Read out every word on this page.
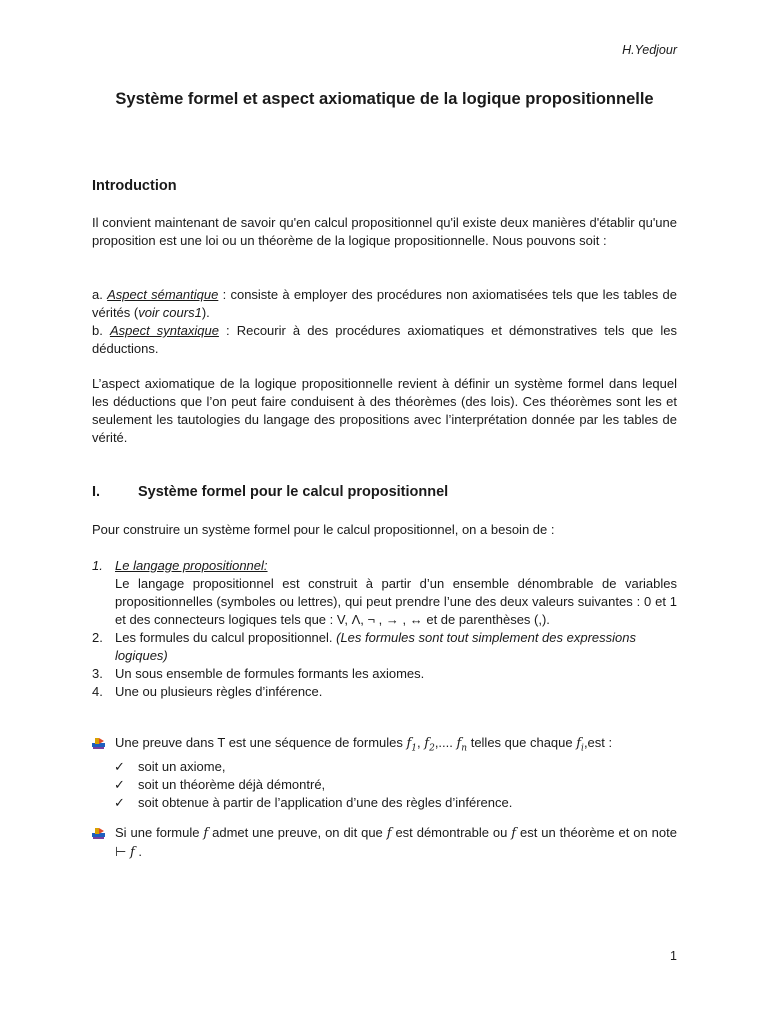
H.Yedjour
Système formel et aspect axiomatique de la logique propositionnelle
Introduction
Il convient maintenant de savoir qu'en calcul propositionnel qu'il existe deux manières d'établir qu'une proposition est une loi ou un théorème de la logique propositionnelle. Nous pouvons soit :
a. Aspect sémantique : consiste à employer des procédures non axiomatisées tels que les tables de vérités (voir cours1).
b. Aspect syntaxique : Recourir à des procédures axiomatiques et démonstratives tels que les déductions.
L’aspect axiomatique de la logique propositionnelle revient à définir un système formel dans lequel les déductions que l’on peut faire conduisent à des théorèmes (des lois). Ces théorèmes sont les et seulement les tautologies du langage des propositions avec l’interprétation donnée par les tables de vérité.
I.	Système formel pour le calcul propositionnel
Pour construire un système formel pour le calcul propositionnel, on a besoin de :
1. Le langage propositionnel:
Le langage propositionnel est construit à partir d’un ensemble dénombrable de variables propositionnelles (symboles ou lettres), qui peut prendre l’une des deux valeurs suivantes : 0 et 1 et des connecteurs logiques tels que : V, Λ, ¬ , → , ↔ et de parenthèses (,).
2. Les formules du calcul propositionnel. (Les formules sont tout simplement des expressions logiques)
3. Un sous ensemble de formules formants les axiomes.
4. Une ou plusieurs règles d’inférence.
Une preuve dans T est une séquence de formules $f_1$, $f_2$,.... $f_n$ telles que chaque $f_i,est$ :
✓ soit un axiome,
✓ soit un théorème déjà démontré,
✓ soit obtenue à partir de l’application d’une des règles d’inférence.
Si une formule f admet une preuve, on dit que f est démontrable ou f est un théorème et on note ⊢ f .
1
